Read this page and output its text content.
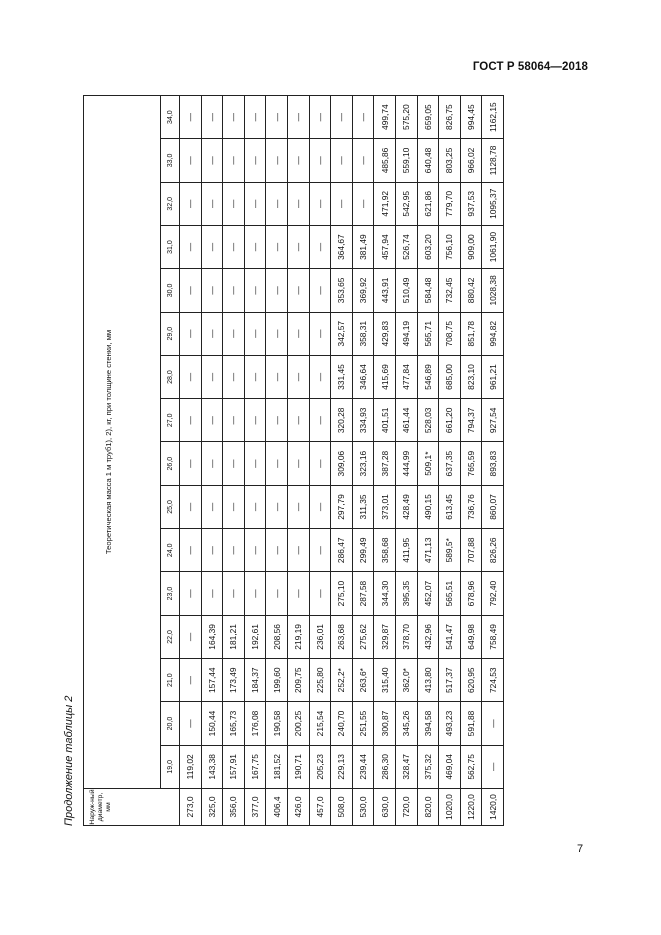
ГОСТ Р 58064—2018
Продолжение таблицы 2	Наруж-ный диаметр, мм	Теоретическая масса 1 м труб1), 2), кг, при толщине стенки, мм															
	19,0	20,0	21,0	22,0	23,0	24,0	25,0	26,0	27,0	28,0	29,0	30,0	31,0	32,0	33,0	34,0
273,0	119,02	—	—	—	—	—	—	—	—	—	—	—	—	—	—	—
325,0	143,38	150,44	157,44	164,39	—	—	—	—	—	—	—	—	—	—	—	—
356,0	157,91	165,73	173,49	181,21	—	—	—	—	—	—	—	—	—	—	—	—
377,0	167,75	176,08	184,37	192,61	—	—	—	—	—	—	—	—	—	—	—	—
406,4	181,52	190,58	199,60	208,56	—	—	—	—	—	—	—	—	—	—	—	—
426,0	190,71	200,25	209,75	219,19	—	—	—	—	—	—	—	—	—	—	—	—
457,0	205,23	215,54	225,80	236,01	—	—	—	—	—	—	—	—	—	—	—	—
508,0	229,13	240,70	252,2*	263,68	275,10	286,47	297,79	309,06	320,28	331,45	342,57	353,65	364,67	—	—	—
530,0	239,44	251,55	263,6*	275,62	287,58	299,49	311,35	323,16	334,93	346,64	358,31	369,92	381,49	—	—	—
630,0	286,30	300,87	315,40	329,87	344,30	358,68	373,01	387,28	401,51	415,69	429,83	443,91	457,94	471,92	485,86	499,74
720,0	328,47	345,26	362,0*	378,70	395,35	411,95	428,49	444,99	461,44	477,84	494,19	510,49	526,74	542,95	559,10	575,20
820,0	375,32	394,58	413,80	432,96	452,07	471,13	490,15	509,1*	528,03	546,89	565,71	584,48	603,20	621,86	640,48	659,05
1020,0	469,04	493,23	517,37	541,47	565,51	589,5*	613,45	637,35	661,20	685,00	708,75	732,45	756,10	779,70	803,25	826,75
1220,0	562,75	591,88	620,95	649,98	678,96	707,88	736,76	765,59	794,37	823,10	851,78	880,42	909,00	937,53	966,02	994,45
1420,0	—	—	724,53	758,49	792,40	826,26	860,07	893,83	927,54	961,21	994,82	1028,38	1061,90	1095,37	1128,78	1162,15
7
